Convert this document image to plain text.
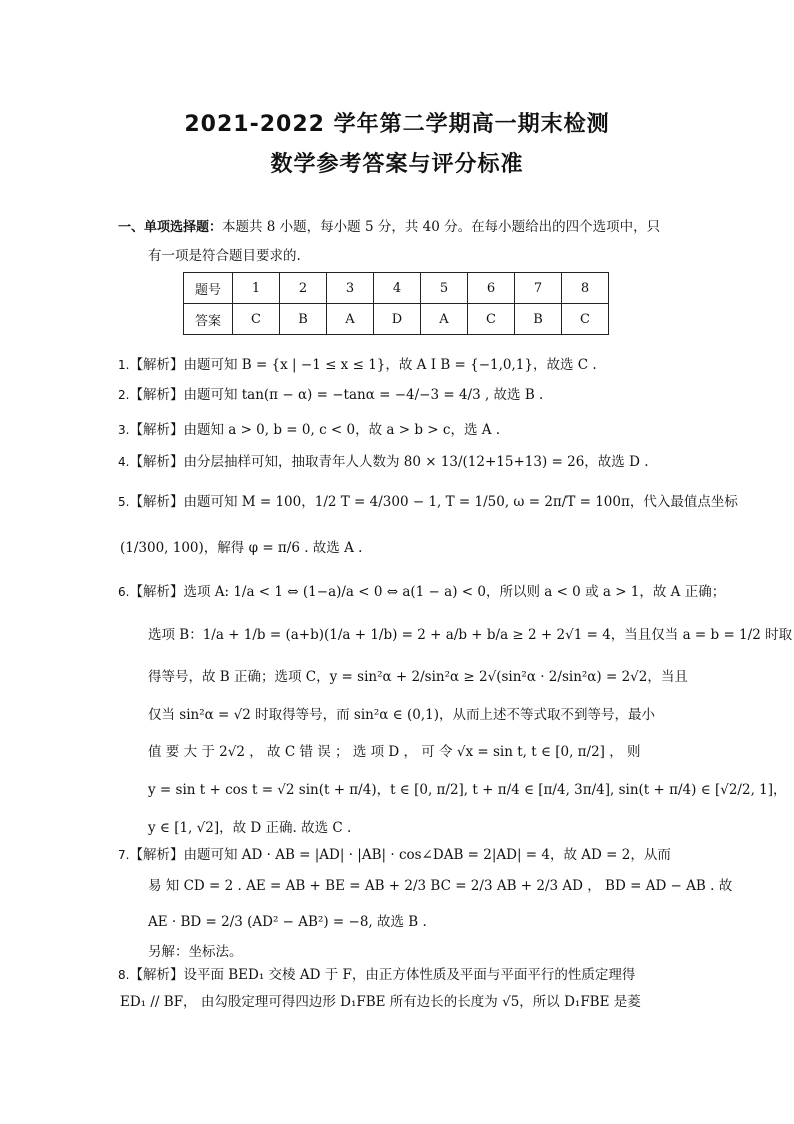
2021-2022 学年第二学期高一期末检测
数学参考答案与评分标准
一、单项选择题：本题共 8 小题，每小题 5 分，共 40 分。在每小题给出的四个选项中，只
有一项是符合题目要求的.
题号	1	2	3	4	5	6	7	8
答案	C	B	A	D	A	C	B	C
1.【解析】由题可知 B = {x | −1 ≤ x ≤ 1}，故 A I B = {−1,0,1}，故选 C .
2.【解析】由题可知 tan(π − α) = −tanα = −4/−3 = 4/3 , 故选 B .
3.【解析】由题知 a > 0, b = 0, c < 0，故 a > b > c，选 A .
4.【解析】由分层抽样可知，抽取青年人人数为 80 × 13/(12+15+13) = 26，故选 D .
5.【解析】由题可知 M = 100，1/2 T = 4/300 − 1, T = 1/50, ω = 2π/T = 100π，代入最值点坐标
(1/300, 100)，解得 φ = π/6 . 故选 A .
6.【解析】选项 A: 1/a < 1 ⇔ (1−a)/a < 0 ⇔ a(1 − a) < 0，所以则 a < 0 或 a > 1，故 A 正确；
选项 B：1/a + 1/b = (a+b)(1/a + 1/b) = 2 + a/b + b/a ≥ 2 + 2√1 = 4，当且仅当 a = b = 1/2 时取
得等号，故 B 正确；选项 C，y = sin²α + 2/sin²α ≥ 2√(sin²α · 2/sin²α) = 2√2，当且
仅当 sin²α = √2 时取得等号，而 sin²α ∈ (0,1)，从而上述不等式取不到等号，最小
值 要 大 于 2√2 ， 故 C 错 误 ； 选 项 D ， 可 令 √x = sin t, t ∈ [0, π/2] ， 则
y = sin t + cos t = √2 sin(t + π/4)，t ∈ [0, π/2], t + π/4 ∈ [π/4, 3π/4], sin(t + π/4) ∈ [√2/2, 1]，
y ∈ [1, √2]，故 D 正确. 故选 C .
7.【解析】由题可知 AD · AB = |AD| · |AB| · cos∠DAB = 2|AD| = 4，故 AD = 2，从而
易 知 CD = 2 . AE = AB + BE = AB + 2/3 BC = 2/3 AB + 2/3 AD ， BD = AD − AB . 故
AE · BD = 2/3 (AD² − AB²) = −8, 故选 B .
另解：坐标法。
8.【解析】设平面 BED₁ 交棱 AD 于 F，由正方体性质及平面与平面平行的性质定理得
ED₁ // BF， 由勾股定理可得四边形 D₁FBE 所有边长的长度为 √5，所以 D₁FBE 是菱
